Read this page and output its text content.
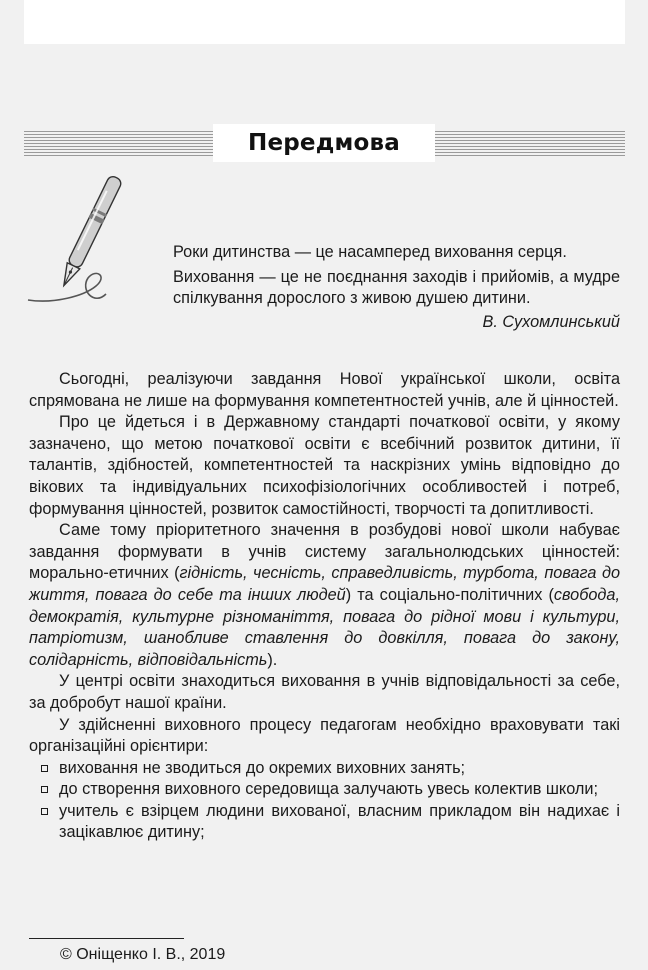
Передмова

Роки дитинства — це насамперед виховання серця.

Виховання — це не поєднання заходів і прийомів, а мудре спілкування дорослого з живою душею дитини.

В. Сухомлинський

Сьогодні, реалізуючи завдання Нової української школи, освіта спрямована не лише на формування компетентностей учнів, але й цінностей.

Про це йдеться і в Державному стандарті початкової освіти, у якому зазначено, що метою початкової освіти є всебічний розвиток дитини, її талантів, здібностей, компетентностей та наскрізних умінь відповідно до вікових та індивідуальних психофізіологічних особливостей і потреб, формування цінностей, розвиток самостійності, творчості та допитливості.

Саме тому пріоритетного значення в розбудові нової школи набуває завдання формувати в учнів систему загальнолюдських цінностей: морально-етичних (гідність, чесність, справедливість, турбота, повага до життя, повага до себе та інших людей) та соціально-політичних (свобода, демократія, культурне різноманіття, повага до рідної мови і культури, патріотизм, шанобливе ставлення до довкілля, повага до закону, солідарність, відповідальність).

У центрі освіти знаходиться виховання в учнів відповідальності за себе, за добробут нашої країни.

У здійсненні виховного процесу педагогам необхідно враховувати такі організаційні орієнтири:

виховання не зводиться до окремих виховних занять;
до створення виховного середовища залучають увесь колектив школи;
учитель є взірцем людини вихованої, власним прикладом він надихає і зацікавлює дитину;
© Оніщенко І. В., 2019
